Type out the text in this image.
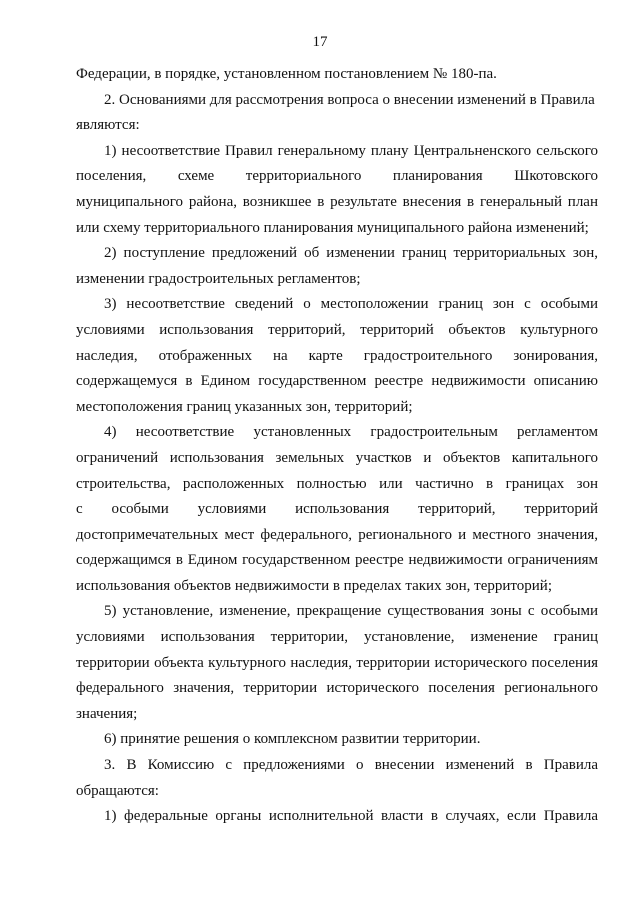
17
Федерации, в порядке, установленном постановлением № 180-па.
2. Основаниями для рассмотрения вопроса о внесении изменений в Правила
являются:
1) несоответствие Правил генеральному плану Центральненского сельского
поселения, схеме территориального планирования Шкотовского
муниципального района, возникшее в результате внесения в генеральный план
или схему территориального планирования муниципального района изменений;
2) поступление предложений об изменении границ территориальных зон,
изменении градостроительных регламентов;
3) несоответствие сведений о местоположении границ зон с особыми
условиями использования территорий, территорий объектов культурного
наследия, отображенных на карте градостроительного зонирования,
содержащемуся в Едином государственном реестре недвижимости описанию
местоположения границ указанных зон, территорий;
4) несоответствие установленных градостроительным регламентом
ограничений использования земельных участков и объектов капитального
строительства, расположенных полностью или частично в границах зон
с особыми условиями использования территорий, территорий
достопримечательных мест федерального, регионального и местного значения,
содержащимся в Едином государственном реестре недвижимости ограничениям
использования объектов недвижимости в пределах таких зон, территорий;
5) установление, изменение, прекращение существования зоны с особыми
условиями использования территории, установление, изменение границ
территории объекта культурного наследия, территории исторического поселения
федерального значения, территории исторического поселения регионального
значения;
6) принятие решения о комплексном развитии территории.
3. В Комиссию с предложениями о внесении изменений в Правила
обращаются:
1) федеральные органы исполнительной власти в случаях, если Правила
